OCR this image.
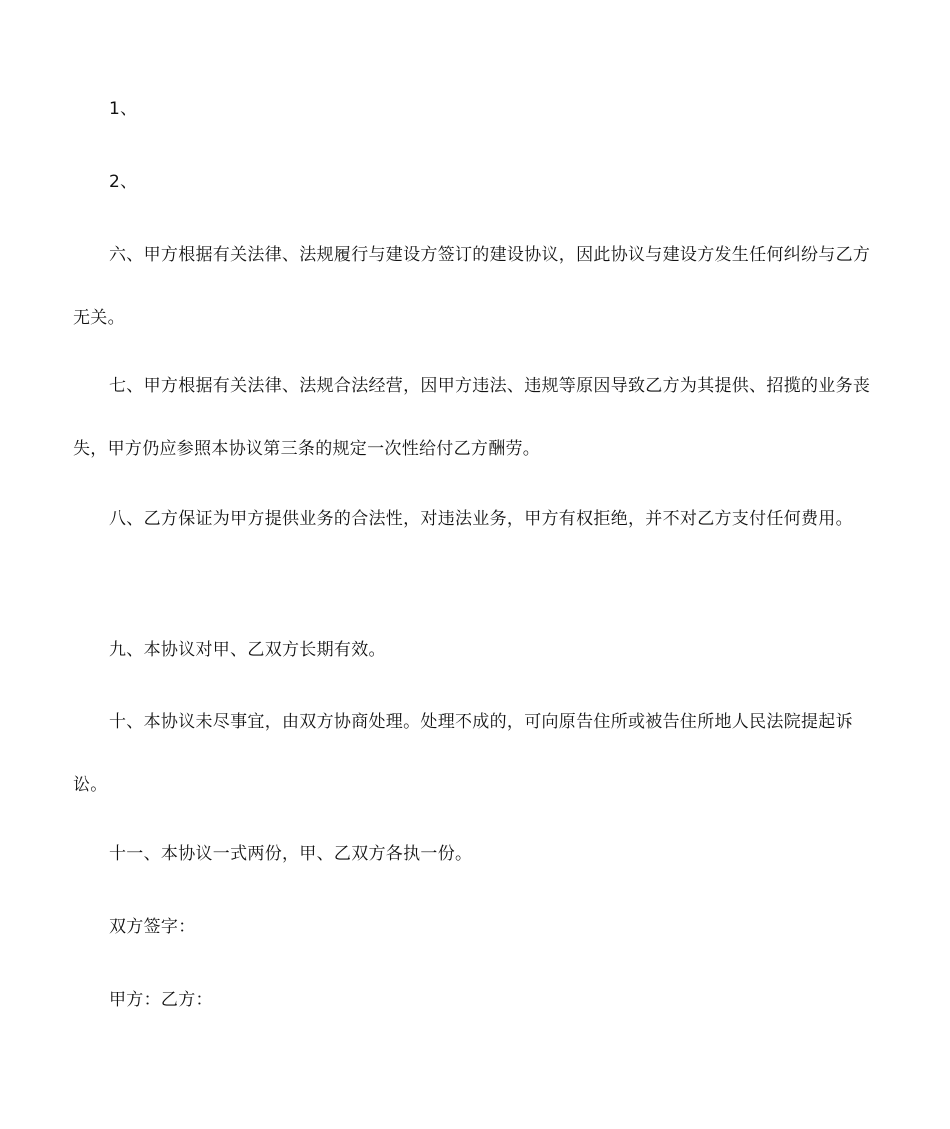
1、

2、

六、甲方根据有关法律、法规履行与建设方签订的建设协议，因此协议与建设方发生任何纠纷与乙方无关。

七、甲方根据有关法律、法规合法经营，因甲方违法、违规等原因导致乙方为其提供、招揽的业务丧失，甲方仍应参照本协议第三条的规定一次性给付乙方酬劳。

八、乙方保证为甲方提供业务的合法性，对违法业务，甲方有权拒绝，并不对乙方支付任何费用。

九、本协议对甲、乙双方长期有效。

十、本协议未尽事宜，由双方协商处理。处理不成的，可向原告住所或被告住所地人民法院提起诉讼。

十一、本协议一式两份，甲、乙双方各执一份。

双方签字：

甲方：乙方：
